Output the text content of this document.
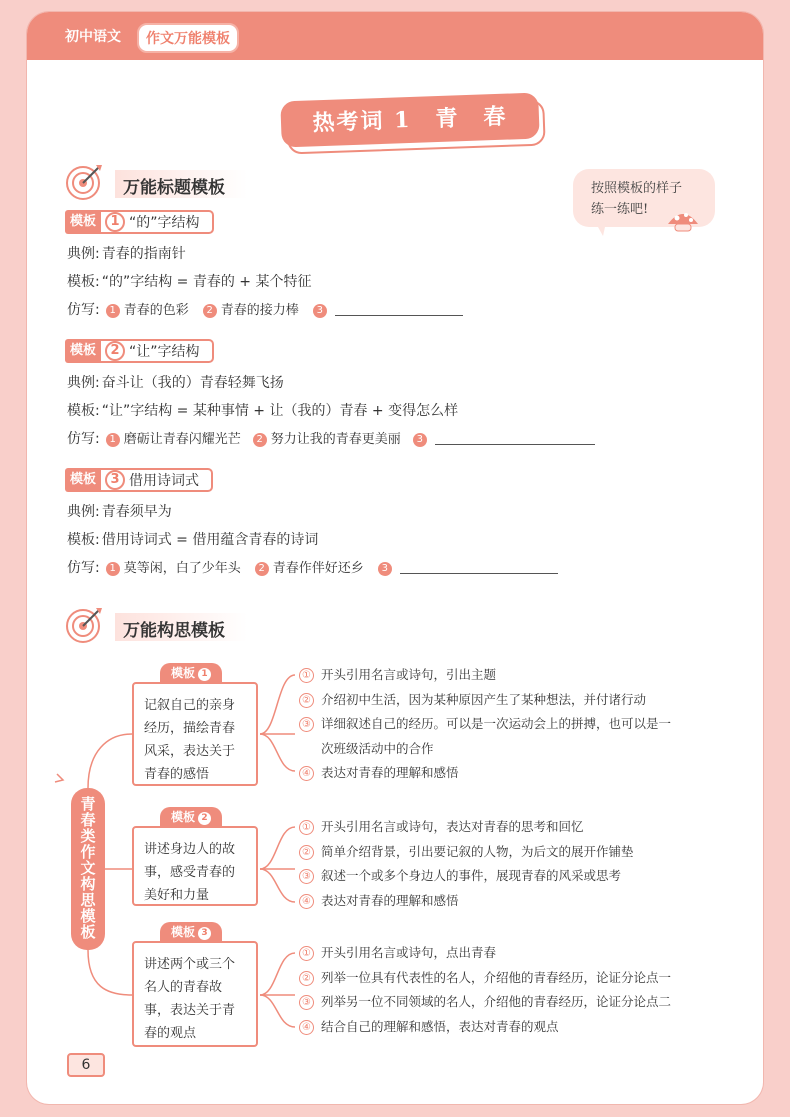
初中语文	作文万能模板
热考词 1　青　春
万能标题模板	按照模板的样子
练一练吧!
模板	1 “的”字结构
典例: 青春的指南针
模板: “的”字结构 = 青春的 + 某个特征
仿写: 1 青春的色彩 2 青春的接力棒 3
模板	2 “让”字结构
典例: 奋斗让（我的）青春轻舞飞扬
模板: “让”字结构 = 某种事情 + 让（我的）青春 + 变得怎么样
仿写: 1 磨砺让青春闪耀光芒 2 努力让我的青春更美丽 3
模板	3 借用诗词式
典例: 青春须早为
模板: 借用诗词式 = 借用蕴含青春的诗词
仿写: 1 莫等闲，白了少年头 2 青春作伴好还乡 3
万能构思模板
青
春
类
作
文
构
思
模
板
模板 1
记叙自己的亲身
经历，描绘青春
风采，表达关于
青春的感悟
① 开头引用名言或诗句，引出主题
② 介绍初中生活，因为某种原因产生了某种想法，并付诸行动
③ 详细叙述自己的经历。可以是一次运动会上的拼搏，也可以是一
次班级活动中的合作
④ 表达对青春的理解和感悟
模板 2
讲述身边人的故
事，感受青春的
美好和力量
① 开头引用名言或诗句，表达对青春的思考和回忆
② 简单介绍背景，引出要记叙的人物，为后文的展开作铺垫
③ 叙述一个或多个身边人的事件，展现青春的风采或思考
④ 表达对青春的理解和感悟
模板 3
讲述两个或三个
名人的青春故
事，表达关于青
春的观点
① 开头引用名言或诗句，点出青春
② 列举一位具有代表性的名人，介绍他的青春经历，论证分论点一
③ 列举另一位不同领域的名人，介绍他的青春经历，论证分论点二
④ 结合自己的理解和感悟，表达对青春的观点
6
